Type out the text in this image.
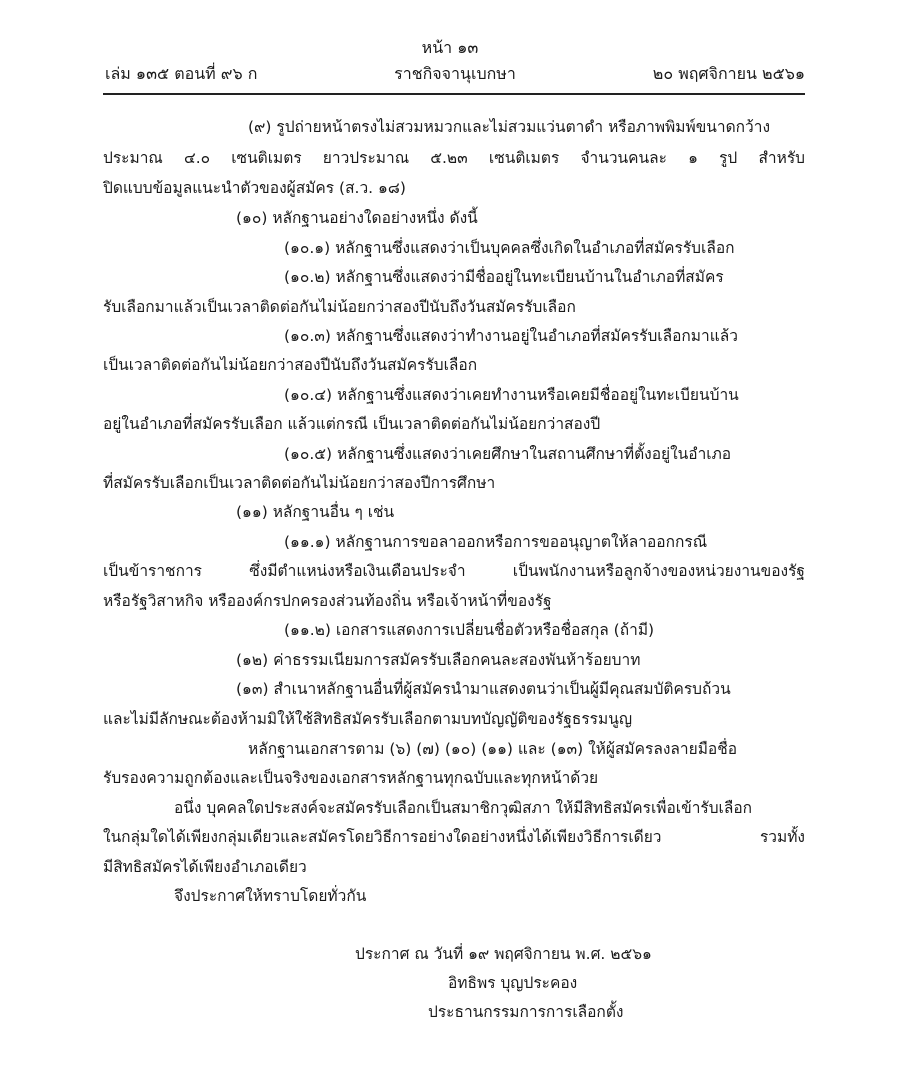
หน้า ๑๓
เล่ม ๑๓๕ ตอนที่ ๙๖ ก	ราชกิจจานุเบกษา	๒๐ พฤศจิกายน ๒๕๖๑
(๙) รูปถ่ายหน้าตรงไม่สวมหมวกและไม่สวมแว่นตาดำ หรือภาพพิมพ์ขนาดกว้าง
ประมาณ ๔.๐ เซนติเมตร ยาวประมาณ ๕.๒๓ เซนติเมตร จำนวนคนละ ๑ รูป สำหรับ
ปิดแบบข้อมูลแนะนำตัวของผู้สมัคร (ส.ว. ๑๘)
(๑๐) หลักฐานอย่างใดอย่างหนึ่ง ดังนี้
(๑๐.๑) หลักฐานซึ่งแสดงว่าเป็นบุคคลซึ่งเกิดในอำเภอที่สมัครรับเลือก
(๑๐.๒) หลักฐานซึ่งแสดงว่ามีชื่ออยู่ในทะเบียนบ้านในอำเภอที่สมัคร
รับเลือกมาแล้วเป็นเวลาติดต่อกันไม่น้อยกว่าสองปีนับถึงวันสมัครรับเลือก
(๑๐.๓) หลักฐานซึ่งแสดงว่าทำงานอยู่ในอำเภอที่สมัครรับเลือกมาแล้ว
เป็นเวลาติดต่อกันไม่น้อยกว่าสองปีนับถึงวันสมัครรับเลือก
(๑๐.๔) หลักฐานซึ่งแสดงว่าเคยทำงานหรือเคยมีชื่ออยู่ในทะเบียนบ้าน
อยู่ในอำเภอที่สมัครรับเลือก แล้วแต่กรณี เป็นเวลาติดต่อกันไม่น้อยกว่าสองปี
(๑๐.๕) หลักฐานซึ่งแสดงว่าเคยศึกษาในสถานศึกษาที่ตั้งอยู่ในอำเภอ
ที่สมัครรับเลือกเป็นเวลาติดต่อกันไม่น้อยกว่าสองปีการศึกษา
(๑๑) หลักฐานอื่น ๆ เช่น
(๑๑.๑) หลักฐานการขอลาออกหรือการขออนุญาตให้ลาออกกรณี
เป็นข้าราชการ ซึ่งมีตำแหน่งหรือเงินเดือนประจำ เป็นพนักงานหรือลูกจ้างของหน่วยงานของรัฐ
หรือรัฐวิสาหกิจ หรือองค์กรปกครองส่วนท้องถิ่น หรือเจ้าหน้าที่ของรัฐ
(๑๑.๒) เอกสารแสดงการเปลี่ยนชื่อตัวหรือชื่อสกุล (ถ้ามี)
(๑๒) ค่าธรรมเนียมการสมัครรับเลือกคนละสองพันห้าร้อยบาท
(๑๓) สำเนาหลักฐานอื่นที่ผู้สมัครนำมาแสดงตนว่าเป็นผู้มีคุณสมบัติครบถ้วน
และไม่มีลักษณะต้องห้ามมิให้ใช้สิทธิสมัครรับเลือกตามบทบัญญัติของรัฐธรรมนูญ
หลักฐานเอกสารตาม (๖) (๗) (๑๐) (๑๑) และ (๑๓) ให้ผู้สมัครลงลายมือชื่อ
รับรองความถูกต้องและเป็นจริงของเอกสารหลักฐานทุกฉบับและทุกหน้าด้วย
อนึ่ง บุคคลใดประสงค์จะสมัครรับเลือกเป็นสมาชิกวุฒิสภา ให้มีสิทธิสมัครเพื่อเข้ารับเลือก
ในกลุ่มใดได้เพียงกลุ่มเดียวและสมัครโดยวิธีการอย่างใดอย่างหนึ่งได้เพียงวิธีการเดียว รวมทั้ง
มีสิทธิสมัครได้เพียงอำเภอเดียว
จึงประกาศให้ทราบโดยทั่วกัน
ประกาศ ณ วันที่ ๑๙ พฤศจิกายน พ.ศ. ๒๕๖๑
อิทธิพร บุญประคอง
ประธานกรรมการการเลือกตั้ง
